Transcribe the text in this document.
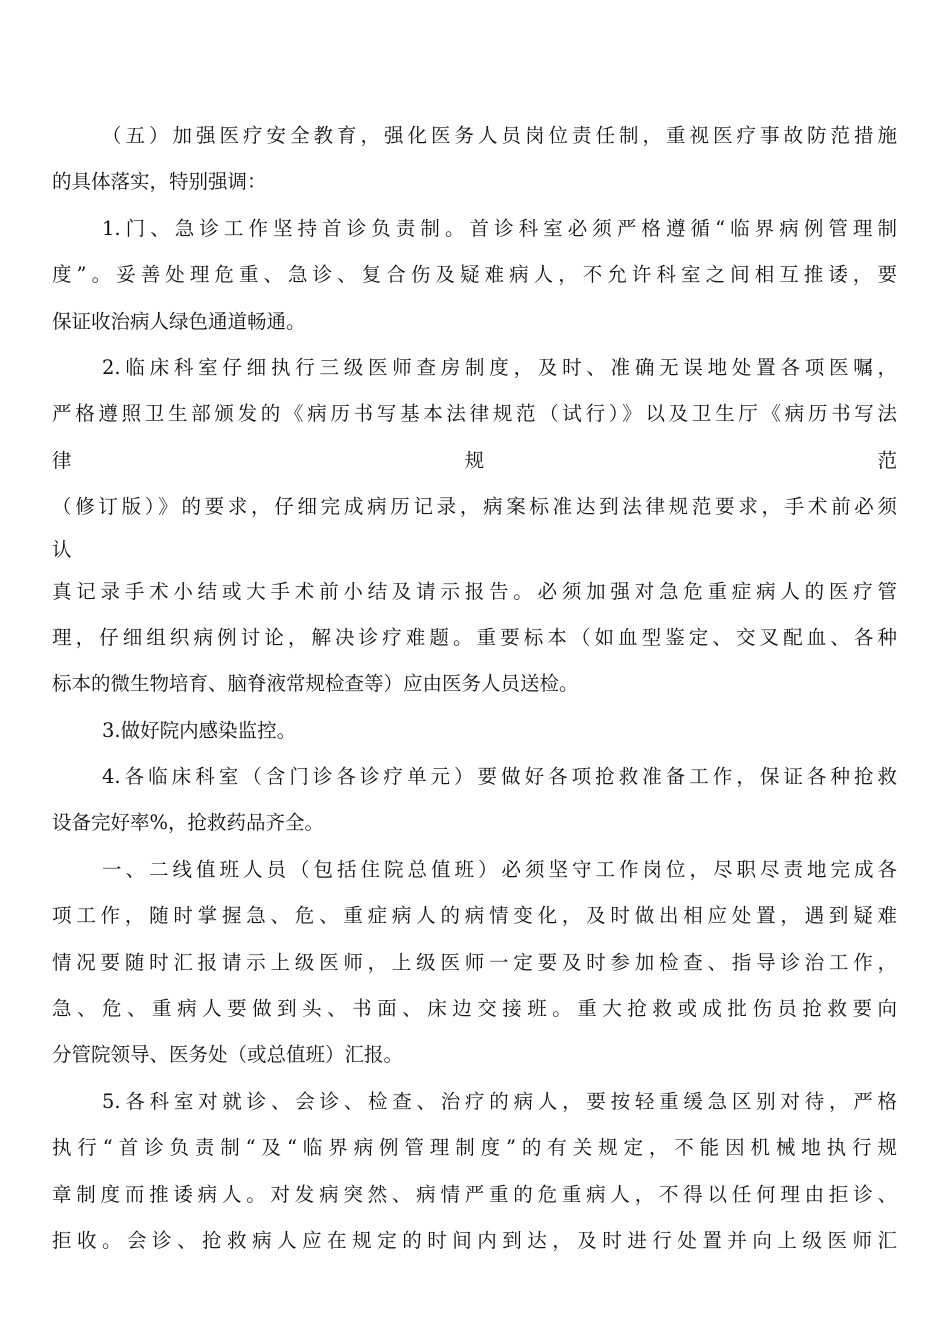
（五）加强医疗安全教育，强化医务人员岗位责任制，重视医疗事故防范措施
的具体落实，特别强调：
1.门、急诊工作坚持首诊负责制。首诊科室必须严格遵循“临界病例管理制
度”。妥善处理危重、急诊、复合伤及疑难病人，不允许科室之间相互推诿，要
保证收治病人绿色通道畅通。
2.临床科室仔细执行三级医师查房制度，及时、准确无误地处置各项医嘱，
严格遵照卫生部颁发的《病历书写基本法律规范（试行）》以及卫生厅《病历书写法
律	规	范
（修订版）》的要求，仔细完成病历记录，病案标准达到法律规范要求，手术前必须
认
真记录手术小结或大手术前小结及请示报告。必须加强对急危重症病人的医疗管
理，仔细组织病例讨论，解决诊疗难题。重要标本（如血型鉴定、交叉配血、各种
标本的微生物培育、脑脊液常规检查等）应由医务人员送检。
3.做好院内感染监控。
4.各临床科室（含门诊各诊疗单元）要做好各项抢救准备工作，保证各种抢救
设备完好率%，抢救药品齐全。
一、二线值班人员（包括住院总值班）必须坚守工作岗位，尽职尽责地完成各
项工作，随时掌握急、危、重症病人的病情变化，及时做出相应处置，遇到疑难
情况要随时汇报请示上级医师，上级医师一定要及时参加检查、指导诊治工作，
急、危、重病人要做到头、书面、床边交接班。重大抢救或成批伤员抢救要向
分管院领导、医务处（或总值班）汇报。
5.各科室对就诊、会诊、检查、治疗的病人，要按轻重缓急区别对待，严格
执行“首诊负责制“及“临界病例管理制度”的有关规定，不能因机械地执行规
章制度而推诿病人。对发病突然、病情严重的危重病人，不得以任何理由拒诊、
拒收。会诊、抢救病人应在规定的时间内到达，及时进行处置并向上级医师汇
